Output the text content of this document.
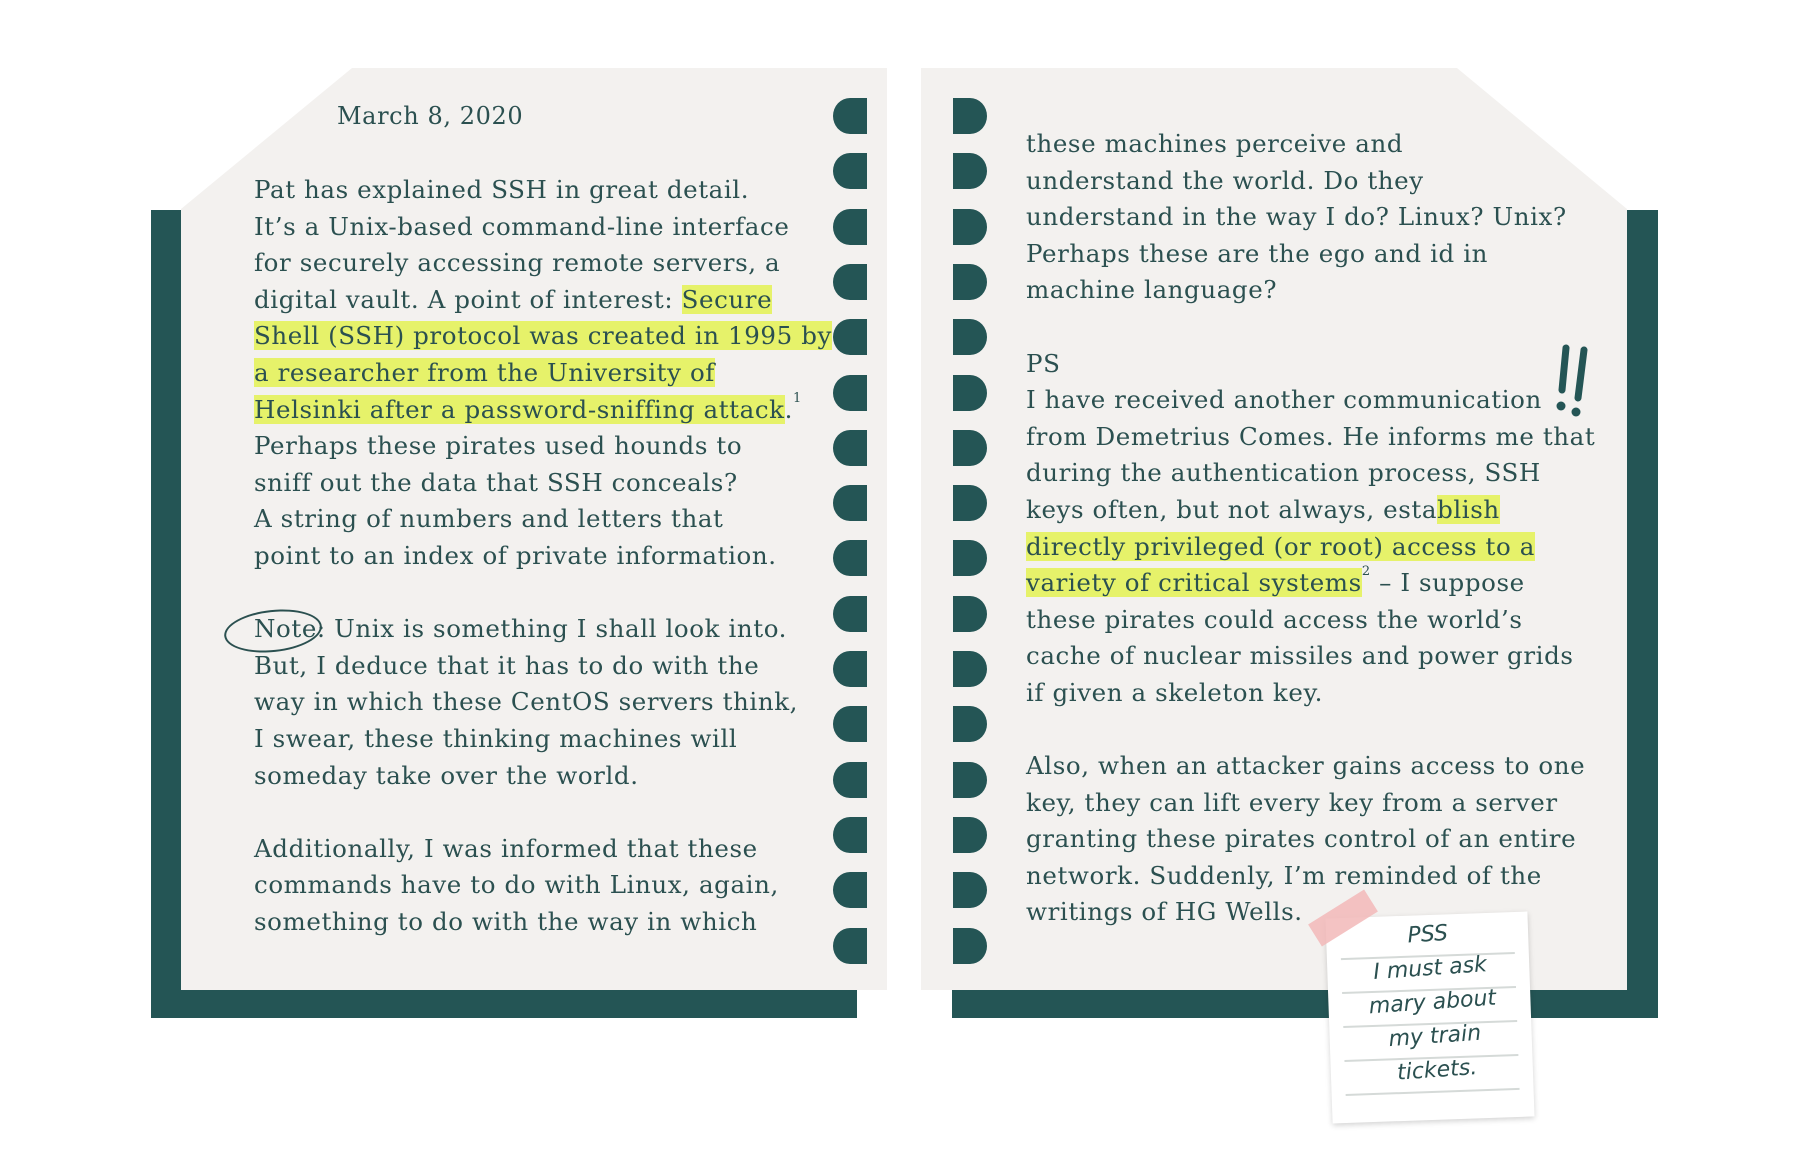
March 8, 2020
Pat has explained SSH in great detail.
It’s a Unix-based command-line interface
for securely accessing remote servers, a
digital vault. A point of interest: Secure
Shell (SSH) protocol was created in 1995 by
a researcher from the University of
Helsinki after a password-sniffing attack.$^1$
Perhaps these pirates used hounds to
sniff out the data that SSH conceals?
A string of numbers and letters that
point to an index of private information.
Note: Unix is something I shall look into.
But, I deduce that it has to do with the
way in which these CentOS servers think,
I swear, these thinking machines will
someday take over the world.
Additionally, I was informed that these
commands have to do with Linux, again,
something to do with the way in which
these machines perceive and
understand the world. Do they
understand in the way I do? Linux? Unix?
Perhaps these are the ego and id in
machine language?
PS
I have received another communication
from Demetrius Comes. He informs me that
during the authentication process, SSH
keys often, but not always, establish
directly privileged (or root) access to a
variety of critical systems$^2$ – I suppose
these pirates could access the world’s
cache of nuclear missiles and power grids
if given a skeleton key.
Also, when an attacker gains access to one
key, they can lift every key from a server
granting these pirates control of an entire
network. Suddenly, I’m reminded of the
writings of HG Wells.
PSS
I must ask
mary about
my train
tickets.
